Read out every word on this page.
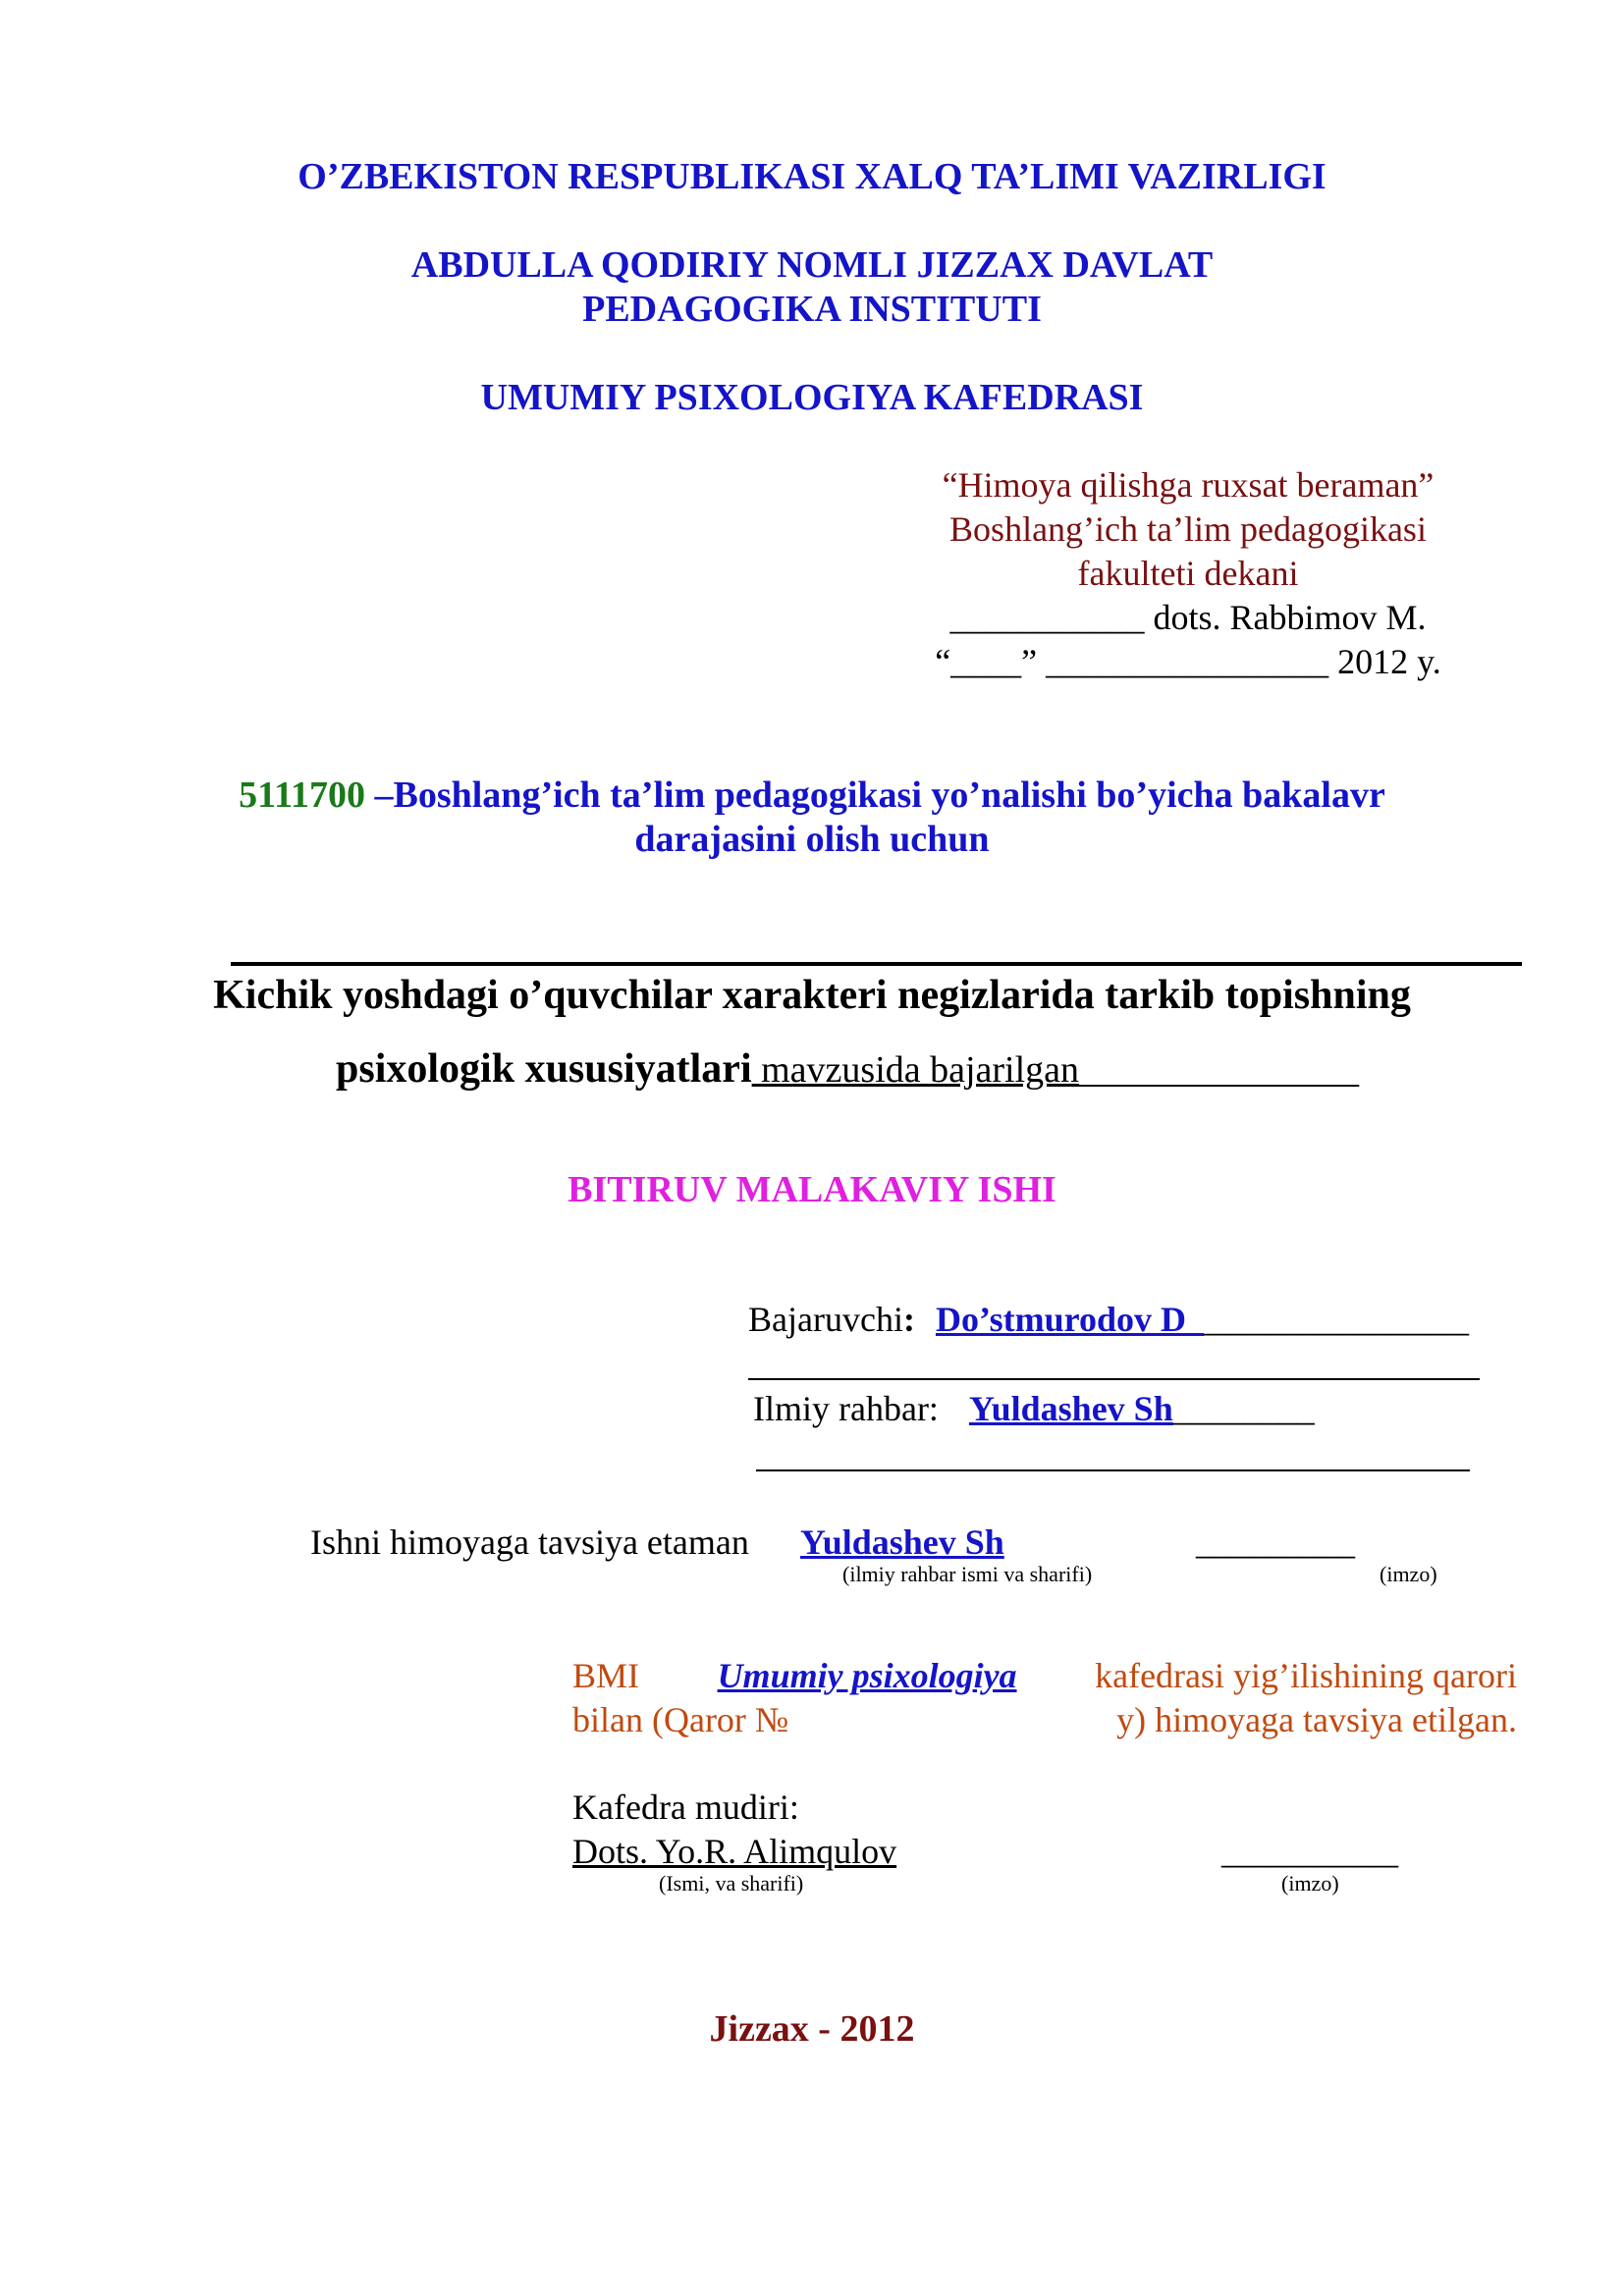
O’ZBEKISTON RESPUBLIKASI XALQ TA’LIMI VAZIRLIGI
ABDULLA QODIRIY NOMLI JIZZAX DAVLAT
PEDAGOGIKA INSTITUTI
UMUMIY PSIXOLOGIYA KAFEDRASI
“Himoya qilishga ruxsat beraman”
Boshlang’ich ta’lim pedagogikasi
fakulteti dekani
___________ dots. Rabbimov M.
“____” ________________ 2012 y.
5111700 –Boshlang’ich ta’lim pedagogikasi yo’nalishi bo’yicha bakalavr
darajasini olish uchun
Kichik yoshdagi o’quvchilar xarakteri negizlarida tarkib topishning
psixologik xususiyatlari mavzusida bajarilgan_______________
BITIRUV MALAKAVIY ISHI
Bajaruvchi: Do’stmurodov D________________
Ilmiy rahbar: Yuldashev Sh________
Ishni himoyaga tavsiya etaman Yuldashev Sh	_________
(ilmiy rahbar ismi va sharifi)	(imzo)
BMI Umumiy psixologiya kafedrasi yig’ilishining qarori
bilan (Qaror №	y) himoyaga tavsiya etilgan.
Kafedra mudiri:
Dots. Yo.R. Alimqulov
(Ismi, va sharifi)
__________
(imzo)
Jizzax - 2012
